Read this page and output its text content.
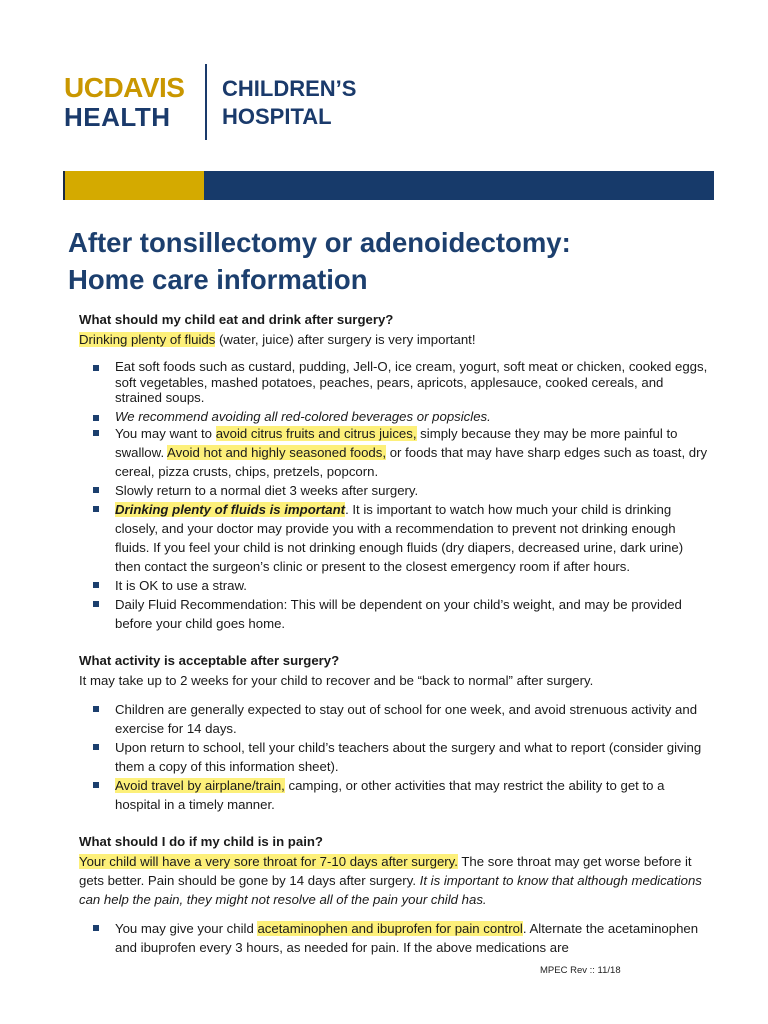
UCDAVIS
HEALTH
CHILDREN’S
HOSPITAL
After tonsillectomy or adenoidectomy:
Home care information
What should my child eat and drink after surgery?
Drinking plenty of fluids (water, juice) after surgery is very important!
Eat soft foods such as custard, pudding, Jell-O, ice cream, yogurt, soft meat or chicken, cooked eggs, soft vegetables, mashed potatoes, peaches, pears, apricots, applesauce, cooked cereals, and strained soups.
We recommend avoiding all red-colored beverages or popsicles.
You may want to avoid citrus fruits and citrus juices, simply because they may be more painful to swallow. Avoid hot and highly seasoned foods, or foods that may have sharp edges such as toast, dry cereal, pizza crusts, chips, pretzels, popcorn.
Slowly return to a normal diet 3 weeks after surgery.
Drinking plenty of fluids is important. It is important to watch how much your child is drinking closely, and your doctor may provide you with a recommendation to prevent not drinking enough fluids. If you feel your child is not drinking enough fluids (dry diapers, decreased urine, dark urine) then contact the surgeon’s clinic or present to the closest emergency room if after hours.
It is OK to use a straw.
Daily Fluid Recommendation: This will be dependent on your child’s weight, and may be provided before your child goes home.
What activity is acceptable after surgery?
It may take up to 2 weeks for your child to recover and be “back to normal” after surgery.
Children are generally expected to stay out of school for one week, and avoid strenuous activity and exercise for 14 days.
Upon return to school, tell your child’s teachers about the surgery and what to report (consider giving them a copy of this information sheet).
Avoid travel by airplane/train, camping, or other activities that may restrict the ability to get to a hospital in a timely manner.
What should I do if my child is in pain?
Your child will have a very sore throat for 7-10 days after surgery. The sore throat may get worse before it gets better. Pain should be gone by 14 days after surgery. It is important to know that although medications can help the pain, they might not resolve all of the pain your child has.
You may give your child acetaminophen and ibuprofen for pain control. Alternate the acetaminophen and ibuprofen every 3 hours, as needed for pain. If the above medications are
MPEC Rev :: 11/18
